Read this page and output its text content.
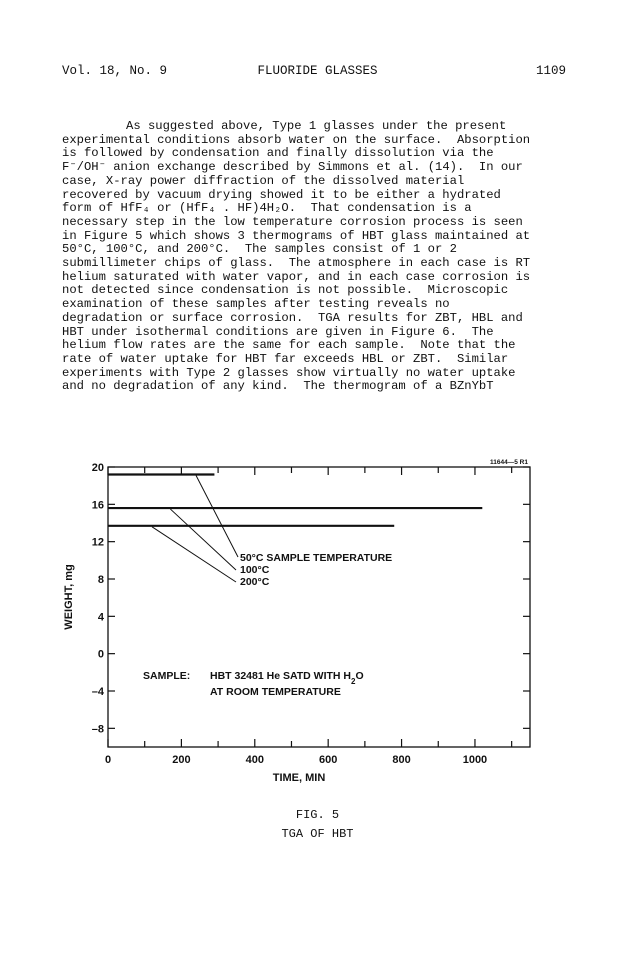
Vol. 18, No. 9	FLUORIDE GLASSES	1109
As suggested above, Type 1 glasses under the present
experimental conditions absorb water on the surface.  Absorption
is followed by condensation and finally dissolution via the
F⁻/OH⁻ anion exchange described by Simmons et al. (14).  In our
case, X-ray power diffraction of the dissolved material
recovered by vacuum drying showed it to be either a hydrated
form of HfF₄ or (HfF₄ . HF)4H₂O.  That condensation is a
necessary step in the low temperature corrosion process is seen
in Figure 5 which shows 3 thermograms of HBT glass maintained at
50°C, 100°C, and 200°C.  The samples consist of 1 or 2
submillimeter chips of glass.  The atmosphere in each case is RT
helium saturated with water vapor, and in each case corrosion is
not detected since condensation is not possible.  Microscopic
examination of these samples after testing reveals no
degradation or surface corrosion.  TGA results for ZBT, HBL and
HBT under isothermal conditions are given in Figure 6.  The
helium flow rates are the same for each sample.  Note that the
rate of water uptake for HBT far exceeds HBL or ZBT.  Similar
experiments with Type 2 glasses show virtually no water uptake
and no degradation of any kind.  The thermogram of a BZnYbT
0	200	400	600	800	1000
20
16
12
8
4
0
–4
–8
TIME, MIN
WEIGHT, mg
11644—5 R1
50°C SAMPLE TEMPERATURE
100°C
200°C
SAMPLE: HBT 32481 He SATD WITH $H_2O$
AT ROOM TEMPERATURE
FIG. 5
TGA OF HBT
